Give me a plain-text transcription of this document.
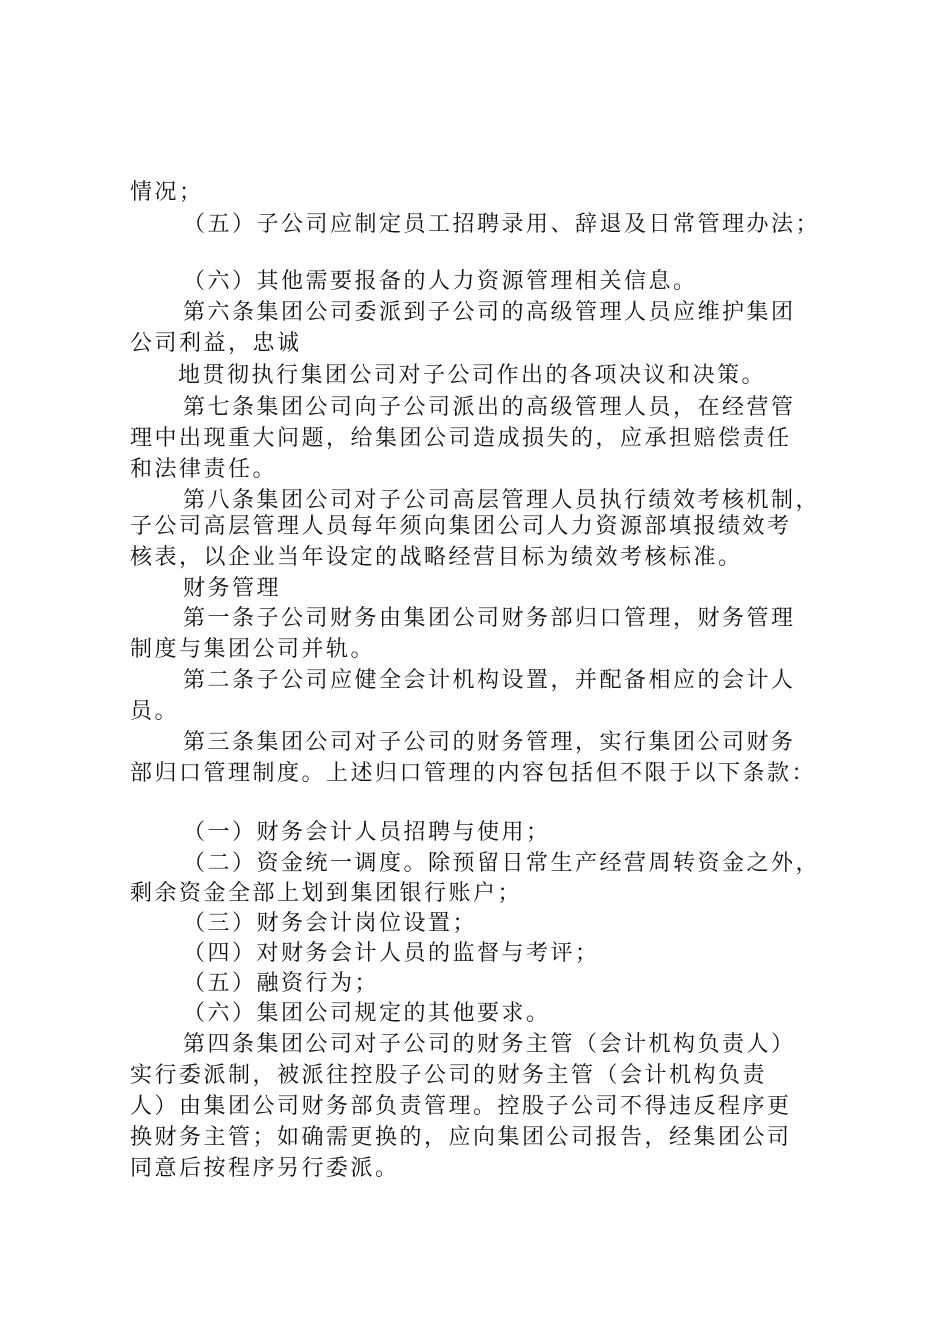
情况；
（五）子公司应制定员工招聘录用、辞退及日常管理办法；
（六）其他需要报备的人力资源管理相关信息。
第六条集团公司委派到子公司的高级管理人员应维护集团
公司利益，忠诚
地贯彻执行集团公司对子公司作出的各项决议和决策。
第七条集团公司向子公司派出的高级管理人员，在经营管
理中出现重大问题，给集团公司造成损失的，应承担赔偿责任
和法律责任。
第八条集团公司对子公司高层管理人员执行绩效考核机制，
子公司高层管理人员每年须向集团公司人力资源部填报绩效考
核表，以企业当年设定的战略经营目标为绩效考核标准。
财务管理
第一条子公司财务由集团公司财务部归口管理，财务管理
制度与集团公司并轨。
第二条子公司应健全会计机构设置，并配备相应的会计人
员。
第三条集团公司对子公司的财务管理，实行集团公司财务
部归口管理制度。上述归口管理的内容包括但不限于以下条款：
（一）财务会计人员招聘与使用；
（二）资金统一调度。除预留日常生产经营周转资金之外，
剩余资金全部上划到集团银行账户；
（三）财务会计岗位设置；
（四）对财务会计人员的监督与考评；
（五）融资行为；
（六）集团公司规定的其他要求。
第四条集团公司对子公司的财务主管（会计机构负责人）
实行委派制，被派往控股子公司的财务主管（会计机构负责
人）由集团公司财务部负责管理。控股子公司不得违反程序更
换财务主管；如确需更换的，应向集团公司报告，经集团公司
同意后按程序另行委派。
